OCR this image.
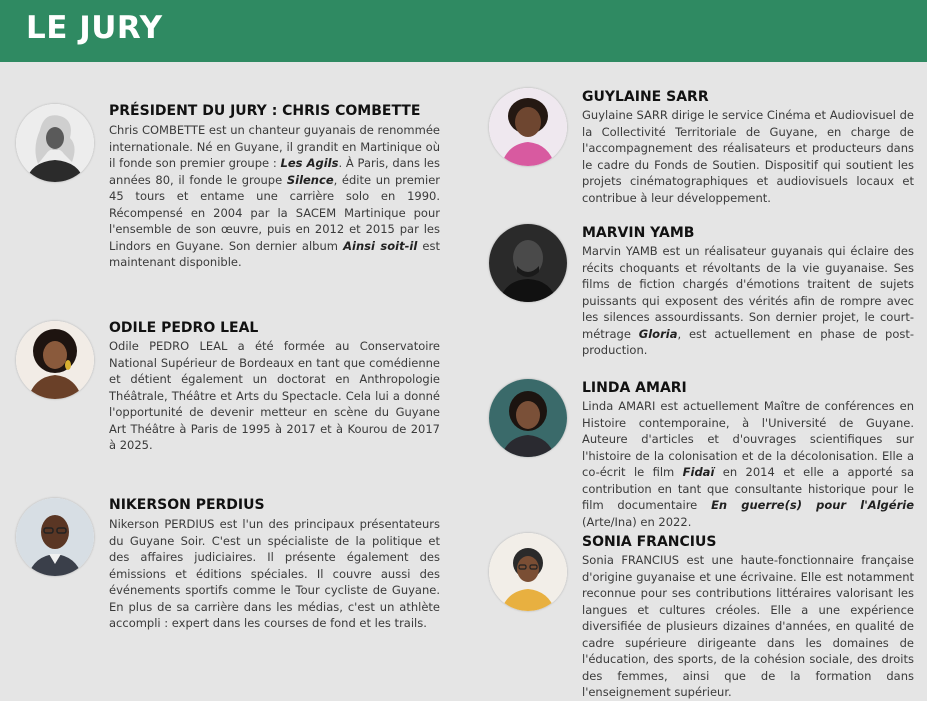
LE JURY
PRÉSIDENT DU JURY : CHRIS COMBETTE

Chris COMBETTE est un chanteur guyanais de renommée internationale. Né en Guyane, il grandit en Martinique où il fonde son premier groupe : Les Agils. À Paris, dans les années 80, il fonde le groupe Silence, édite un premier 45 tours et entame une carrière solo en 1990. Récompensé en 2004 par la SACEM Martinique pour l'ensemble de son œuvre, puis en 2012 et 2015 par les Lindors en Guyane. Son dernier album Ainsi soit-il est maintenant disponible.

ODILE PEDRO LEAL

Odile PEDRO LEAL a été formée au Conservatoire National Supérieur de Bordeaux en tant que comédienne et détient également un doctorat en Anthropologie Théâtrale, Théâtre et Arts du Spectacle. Cela lui a donné l'opportunité de devenir metteur en scène du Guyane Art Théâtre à Paris de 1995 à 2017 et à Kourou de 2017 à 2025.

NIKERSON PERDIUS

Nikerson PERDIUS est l'un des principaux présentateurs du Guyane Soir. C'est un spécialiste de la politique et des affaires judiciaires. Il présente également des émissions et éditions spéciales. Il couvre aussi des événements sportifs comme le Tour cycliste de Guyane. En plus de sa carrière dans les médias, c'est un athlète accompli : expert dans les courses de fond et les trails.

GUYLAINE SARR

Guylaine SARR dirige le service Cinéma et Audiovisuel de la Collectivité Territoriale de Guyane, en charge de l'accompagnement des réalisateurs et producteurs dans le cadre du Fonds de Soutien. Dispositif qui soutient les projets cinématographiques et audiovisuels locaux et contribue à leur développement.

MARVIN YAMB

Marvin YAMB est un réalisateur guyanais qui éclaire des récits choquants et révoltants de la vie guyanaise. Ses films de fiction chargés d'émotions traitent de sujets puissants qui exposent des vérités afin de rompre avec les silences assourdissants. Son dernier projet, le court-métrage Gloria, est actuellement en phase de post-production.

LINDA AMARI

Linda AMARI est actuellement Maître de conférences en Histoire contemporaine, à l'Université de Guyane. Auteure d'articles et d'ouvrages scientifiques sur l'histoire de la colonisation et de la décolonisation. Elle a co-écrit le film Fidaï en 2014 et elle a apporté sa contribution en tant que consultante historique pour le film documentaire En guerre(s) pour l'Algérie (Arte/Ina) en 2022.

SONIA FRANCIUS

Sonia FRANCIUS est une haute-fonctionnaire française d'origine guyanaise et une écrivaine. Elle est notamment reconnue pour ses contributions littéraires valorisant les langues et cultures créoles. Elle a une expérience diversifiée de plusieurs dizaines d'années, en qualité de cadre supérieure dirigeante dans les domaines de l'éducation, des sports, de la cohésion sociale, des droits des femmes, ainsi que de la formation dans l'enseignement supérieur.
